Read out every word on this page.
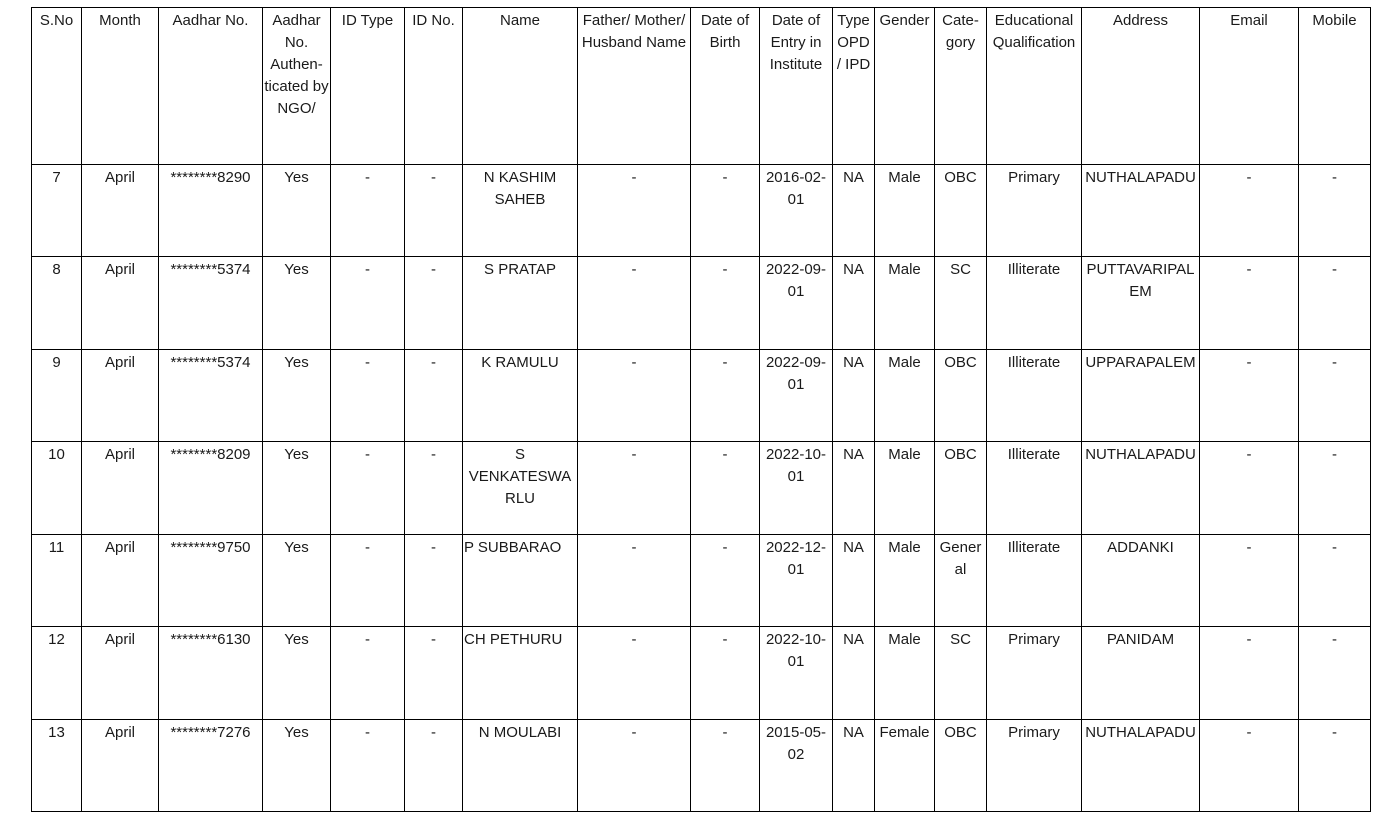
S.No	Month	Aadhar No.	Aadhar No. Authen-ticated by NGO/	ID Type	ID No.	Name	Father/ Mother/ Husband Name	Date of Birth	Date of Entry in Institute	Type OPD / IPD	Gender	Cate-gory	Educational Qualification	Address	Email	Mobile
7	April	********8290	Yes	-	-	N KASHIM SAHEB	-	-	2016-02-01	NA	Male	OBC	Primary	NUTHALAPADU	-	-
8	April	********5374	Yes	-	-	S PRATAP	-	-	2022-09-01	NA	Male	SC	Illiterate	PUTTAVARIPALEM	-	-
9	April	********5374	Yes	-	-	K RAMULU	-	-	2022-09-01	NA	Male	OBC	Illiterate	UPPARAPALEM	-	-
10	April	********8209	Yes	-	-	S VENKATESWARLU	-	-	2022-10-01	NA	Male	OBC	Illiterate	NUTHALAPADU	-	-
11	April	********9750	Yes	-	-	P SUBBARAO	-	-	2022-12-01	NA	Male	General	Illiterate	ADDANKI	-	-
12	April	********6130	Yes	-	-	CH PETHURU	-	-	2022-10-01	NA	Male	SC	Primary	PANIDAM	-	-
13	April	********7276	Yes	-	-	N MOULABI	-	-	2015-05-02	NA	Female	OBC	Primary	NUTHALAPADU	-	-
